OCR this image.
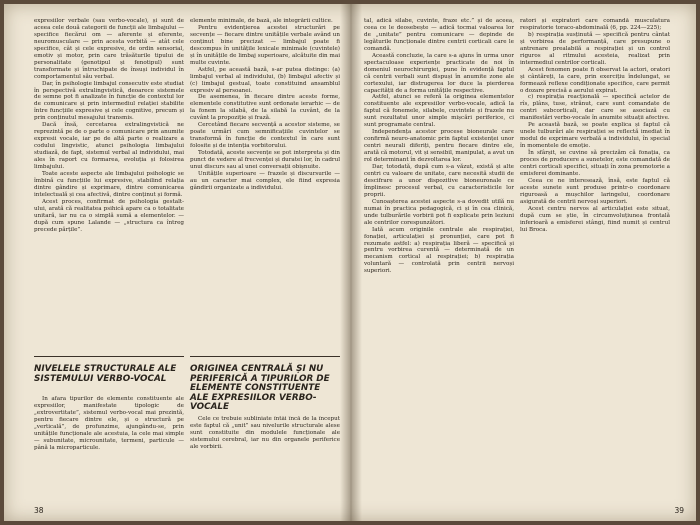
expresiilor verbale (sau verbo-vocale), și sunt de aceea cele două categorii de funcții ale limbajului — specifice fiecărui om — aferente și eferente, neuromusculare — prin acesta vorbită — atât cele specifice, cât și cele expresive, de ordin sensorial, emotiv și motor, prin care trăsăturile tipului de personalitate (genotipul și fenotipul) sunt transformate și întruchipate de însuși individul în comportamentul său verbal.

Dar, în psihologie limbajul consecutiv este studiat în perspectivă extralingvistică, deoarece sistemele de semne pot fi analizate în funcție de contextul lor de comunicare și prin intermediul relației stabilite între funcțiile expresive și cele cognitive, precum și prin conținutul mesajului transmis.

Dacă însă, cercetarea extralingvistică ne reprezintă pe de o parte o comunicare prin anumite expresii vocale, iar pe de altă parte o realizare a codului lingvistic, atunci psihologia limbajului studiază, de fapt, sistemul verbal al individului, mai ales în raport cu formarea, evoluția și folosirea limbajului.

Toate aceste aspecte ale limbajului psihologic se îmbină cu funcțiile lui expresive, stabilind relația dintre gândire și exprimare, dintre comunicarea intelectuală și cea afectivă, dintre conținut și formă.

Acest proces, confirmat de psihologia gestalt-ului, arată că realitatea psihică apare ca o totalitate unitară, iar nu ca o simplă sumă a elementelor. — după cum spune Lalande — „structura ca întreg precede părțile”.

elemente minimale, de bază, ale integrării cultice.

Pentru evidențierea acestei structurări pe secvențe — fiecare dintre unitățile verbale având un conținut bine precizat — limbajul poate fi descompus în unitățile lexicale minimale (cuvintele) și în unitățile de limbaj superioare, alcătuite din mai multe cuvinte.

Astfel, pe această bază, s-ar putea distinge: (a) limbajul verbal al individului, (b) limbajul afectiv și (c) limbajul gestual, toate constituind ansamblul expresiv al persoanei.

De asemenea, în fiecare dintre aceste forme, elementele constitutive sunt ordonate ierarhic — de la fonem la silabă, de la silabă la cuvânt, de la cuvânt la propoziție și frază.

Cercetând fiecare secvență a acestor sisteme, se poate urmări cum semnificațiile cuvintelor se transformă în funcție de contextul în care sunt folosite și de intenția vorbitorului.

Totodată, aceste secvențe se pot interpreta și din punct de vedere al frecvenței și duratei lor, în cadrul unui discurs sau al unei conversații obișnuite.

Unitățile superioare — frazele și discursurile — au un caracter mai complex, ele fiind expresia gândirii organizate a individului.

NIVELELE STRUCTURALE ALE SISTEMULUI VERBO-VOCAL
ORIGINEA CENTRALĂ ȘI NU PERIFERICĂ A TIPURILOR DE ELEMENTE CONSTITUENTE ALE EXPRESIILOR VERBO-VOCALE

În afara tipurilor de elemente constituente ale expresiilor, manifestate tipologic de „extrovertitate”, sistemul verbo-vocal mai prezintă, pentru fiecare dintre ele, și o structură pe „verticală”, de profunzime, ajungându-se, prin unitățile funcționale ale acestuia, la cele mai simple — subunitate, microunitate, termeni, particule — până la microparticule.

Cele ce trebuie subliniate întâi încă de la început este faptul că „unit” sau nivelurile structurale alese sunt constituite din modulele funcționale ale sistemului cerebral, iar nu din organele periferice ale vorbirii.

38

tal, adică silabe, cuvinte, fraze etc.” și de aceea, ceea ce le deosebește — adică tocmai valoarea lor de „unitate” pentru comunicare — depinde de legăturile funcționale dintre centrii corticali care le comandă.

Această concluzie, la care s-a ajuns în urma unor spectaculoase experiențe practicate de noi în domeniul neurochirurgiei, pune în evidență faptul că centrii verbali sunt dispuși în anumite zone ale cortexului, iar distrugerea lor duce la pierderea capacității de a forma unitățile respective.

Astfel, atunci se referă la originea elementelor constituente ale expresiilor verbo-vocale, adică la faptul că fonemele, silabele, cuvintele și frazele nu sunt rezultatul unor simple mișcări periferice, ci sunt programate central.

Independența acestor procese bioneurale care confirmă neuro-anatomic prin faptul existenței unor centri neurali diferiți, pentru fiecare dintre ele, arată că motorul, vit și sensibil, manipulat, a avut un rol determinant în dezvoltarea lor.

Dar, totodată, după cum s-a văzut, există și alte centri cu valoare de unitate, care necesită studii de descifrare a unor dispozitive bioneuronale ce împlinesc procesul verbal, cu caracteristicile lor proprii.

Cunoașterea acestei aspecte s-a dovedit utilă nu numai în practica pedagogică, ci și în cea clinică, unde tulburările vorbirii pot fi explicate prin leziuni ale centrilor corespunzători.

Iată acum originile centrale ale respirației, fonației, articulației și pronunției, care pot fi rezumate astfel: a) respirația liberă — specifică și pentru vorbirea curentă — determinată de un mecanism cortical al respirației; b) respirația voluntară — controlată prin centrii nervoși superiori.

ratori și expiratori care comandă musculatura respiratorie toraco-abdominală (6, pp. 224—225);

b) respirația susținută — specifică pentru cântat și vorbirea de performanță, care presupune o antrenare prealabilă a respirației și un control riguros al ritmului acesteia, realizat prin intermediul centrilor corticali.

Acest fenomen poate fi observat la actori, oratori și cântăreți, la care, prin exercițiu îndelungat, se formează reflexe condiționate specifice, care permit o dozare precisă a aerului expirat.

c) respirația reacțională — specifică actelor de rîs, plâns, tuse, strănut, care sunt comandate de centri subcorticali, dar care se asociază cu manifestări verbo-vocale în anumite situații afective.

Pe această bază, se poate explica și faptul că unele tulburări ale respirației se reflectă imediat în modul de exprimare verbală a individului, în special în momentele de emoție.

În sfârșit, se cuvine să precizăm că fonația, ca proces de producere a sunetelor, este comandată de centri corticali specifici, situați în zona premotorie a emisferei dominante.

Ceea ce ne interesează, însă, este faptul că aceste sunete sunt produse printr-o coordonare riguroasă a mușchilor laringelui, coordonare asigurată de centrii nervoși superiori.

Acest centru nervos al articulației este situat, după cum se știe, în circumvoluțiunea frontală inferioară a emisferei stângi, fiind numit și centrul lui Broca.

39
